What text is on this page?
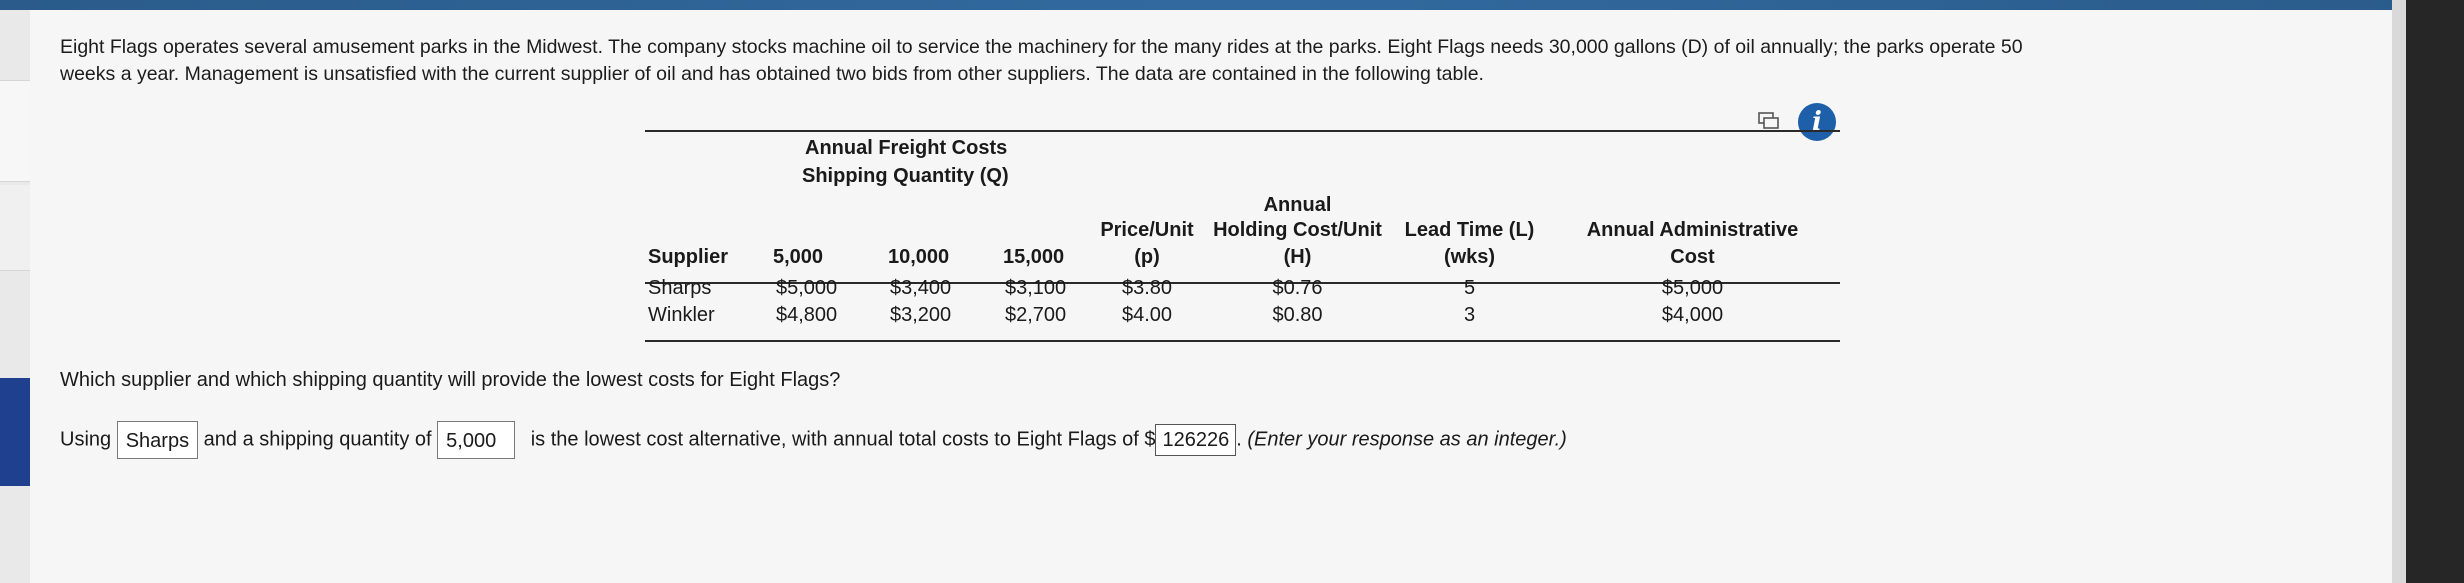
Eight Flags operates several amusement parks in the Midwest. The company stocks machine oil to service the machinery for the many rides at the parks. Eight Flags needs 30,000 gallons (D) of oil annually; the parks operate 50
weeks a year. Management is unsatisfied with the current supplier of oil and has obtained two bids from other suppliers. The data are contained in the following table.
i
Annual Freight Costs
Shipping Quantity (Q)
Supplier 5,000	10,000	15,000
Price/Unit
(p)
Annual
Holding Cost/Unit
(H)
Lead Time (L)
(wks)
Annual Administrative
Cost
Sharps	$5,000	$3,400	$3,100	$3.80	$0.76	5	$5,000
Winkler	$4,800	$3,200	$2,700	$4.00	$0.80	3	$4,000
Which supplier and which shipping quantity will provide the lowest costs for Eight Flags?
Using Sharps and a shipping quantity of 5,000 is the lowest cost alternative, with annual total costs to Eight Flags of $ 126226 . (Enter your response as an integer.)
